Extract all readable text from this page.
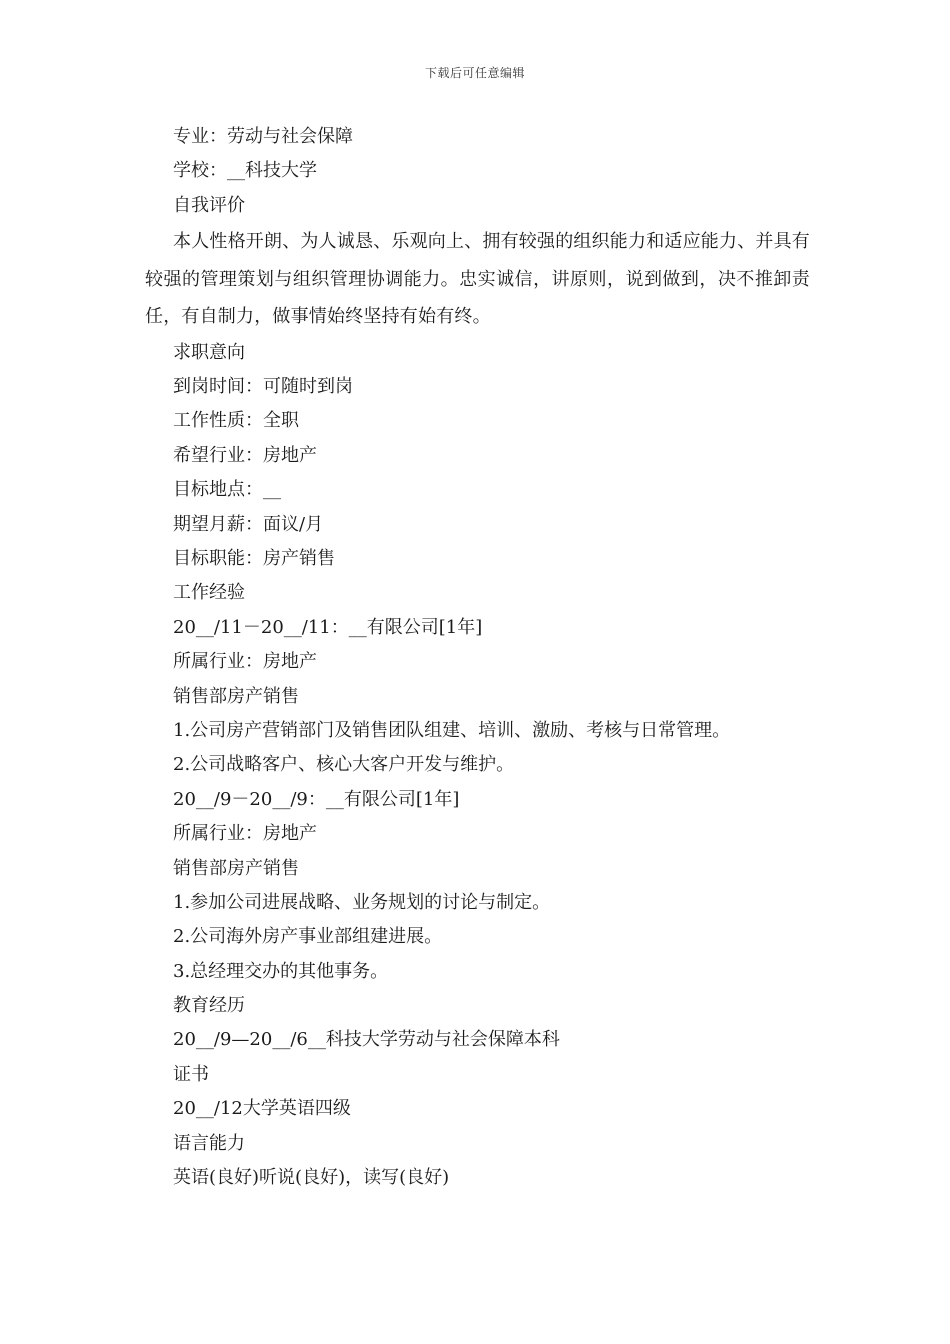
下载后可任意编辑
专业：劳动与社会保障
学校：__科技大学
自我评价

本人性格开朗、为人诚恳、乐观向上、拥有较强的组织能力和适应能力、并具有较强的管理策划与组织管理协调能力。忠实诚信，讲原则，说到做到，决不推卸责任，有自制力，做事情始终坚持有始有终。

求职意向
到岗时间：可随时到岗
工作性质：全职
希望行业：房地产
目标地点：__
期望月薪：面议/月
目标职能：房产销售
工作经验
20__/11－20__/11：__有限公司[1年]
所属行业：房地产
销售部房产销售
1.公司房产营销部门及销售团队组建、培训、激励、考核与日常管理。
2.公司战略客户、核心大客户开发与维护。
20__/9－20__/9：__有限公司[1年]
所属行业：房地产
销售部房产销售
1.参加公司进展战略、业务规划的讨论与制定。
2.公司海外房产事业部组建进展。
3.总经理交办的其他事务。
教育经历
20__/9—20__/6__科技大学劳动与社会保障本科
证书
20__/12大学英语四级
语言能力
英语(良好)听说(良好)，读写(良好)
